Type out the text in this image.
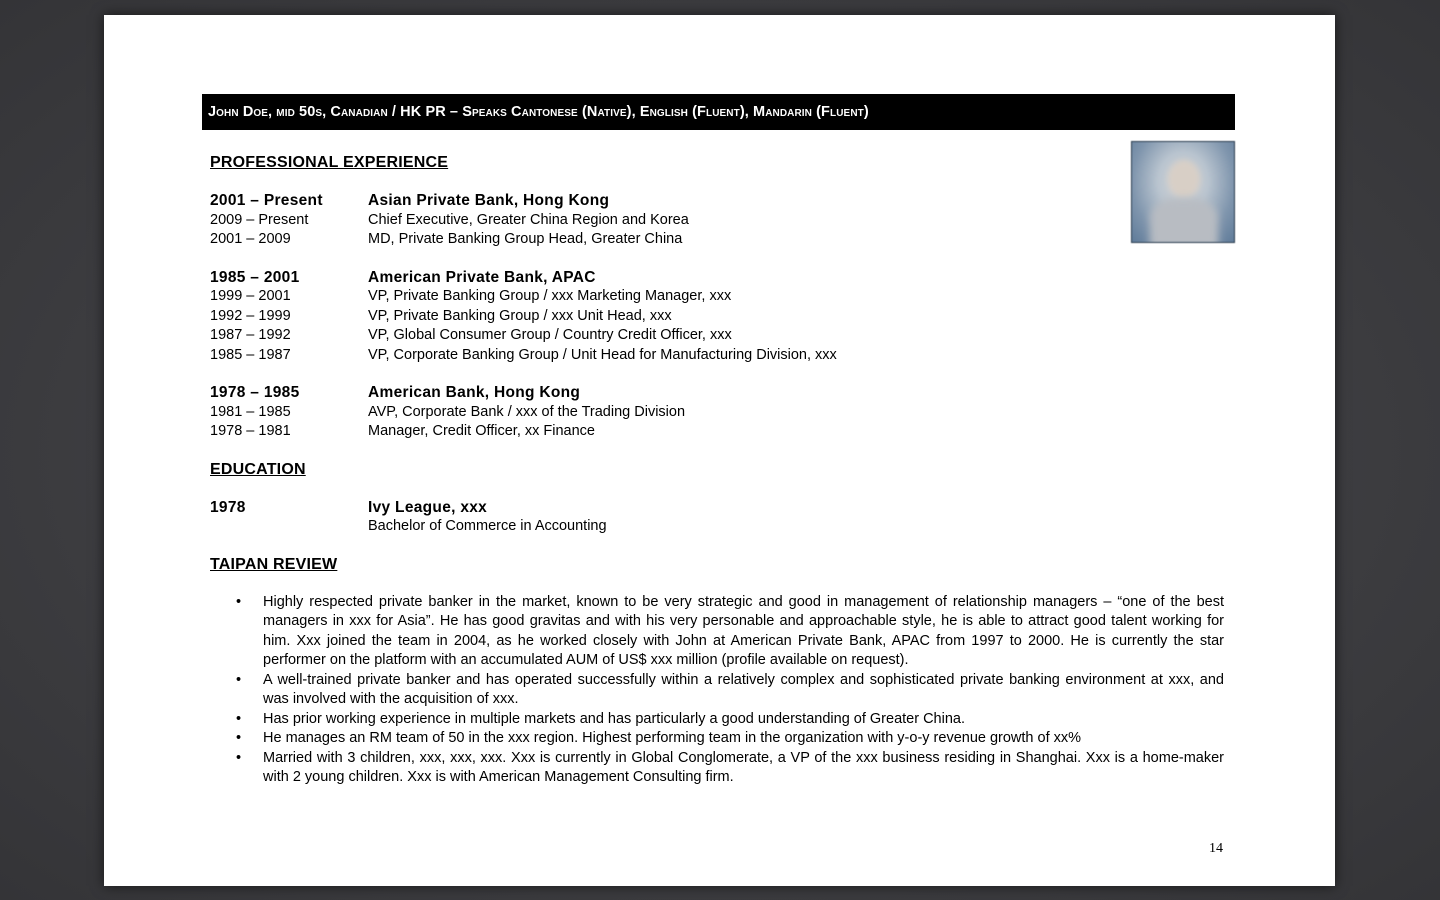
John Doe, mid 50s, Canadian / HK PR – Speaks Cantonese (Native), English (Fluent), Mandarin (Fluent)
PROFESSIONAL EXPERIENCE
2001 – Present	Asian Private Bank, Hong Kong
2009 – Present	Chief Executive, Greater China Region and Korea
2001 – 2009	MD, Private Banking Group Head, Greater China
1985 – 2001	American Private Bank, APAC
1999 – 2001	VP, Private Banking Group / xxx Marketing Manager, xxx
1992 – 1999	VP, Private Banking Group / xxx Unit Head, xxx
1987 – 1992	VP, Global Consumer Group / Country Credit Officer, xxx
1985 – 1987	VP, Corporate Banking Group / Unit Head for Manufacturing Division, xxx
1978 – 1985	American Bank, Hong Kong
1981 – 1985	AVP, Corporate Bank / xxx of the Trading Division
1978 – 1981	Manager, Credit Officer, xx Finance
EDUCATION
1978	Ivy League, xxx
Bachelor of Commerce in Accounting
TAIPAN REVIEW
• Highly respected private banker in the market, known to be very strategic and good in management of relationship managers – “one of the best managers in xxx for Asia”. He has good gravitas and with his very personable and approachable style, he is able to attract good talent working for him. Xxx joined the team in 2004, as he worked closely with John at American Private Bank, APAC from 1997 to 2000. He is currently the star performer on the platform with an accumulated AUM of US$ xxx million (profile available on request).
• A well-trained private banker and has operated successfully within a relatively complex and sophisticated private banking environment at xxx, and was involved with the acquisition of xxx.
• Has prior working experience in multiple markets and has particularly a good understanding of Greater China.
• He manages an RM team of 50 in the xxx region. Highest performing team in the organization with y-o-y revenue growth of xx%
• Married with 3 children, xxx, xxx, xxx. Xxx is currently in Global Conglomerate, a VP of the xxx business residing in Shanghai. Xxx is a home-maker with 2 young children. Xxx is with American Management Consulting firm.
14
